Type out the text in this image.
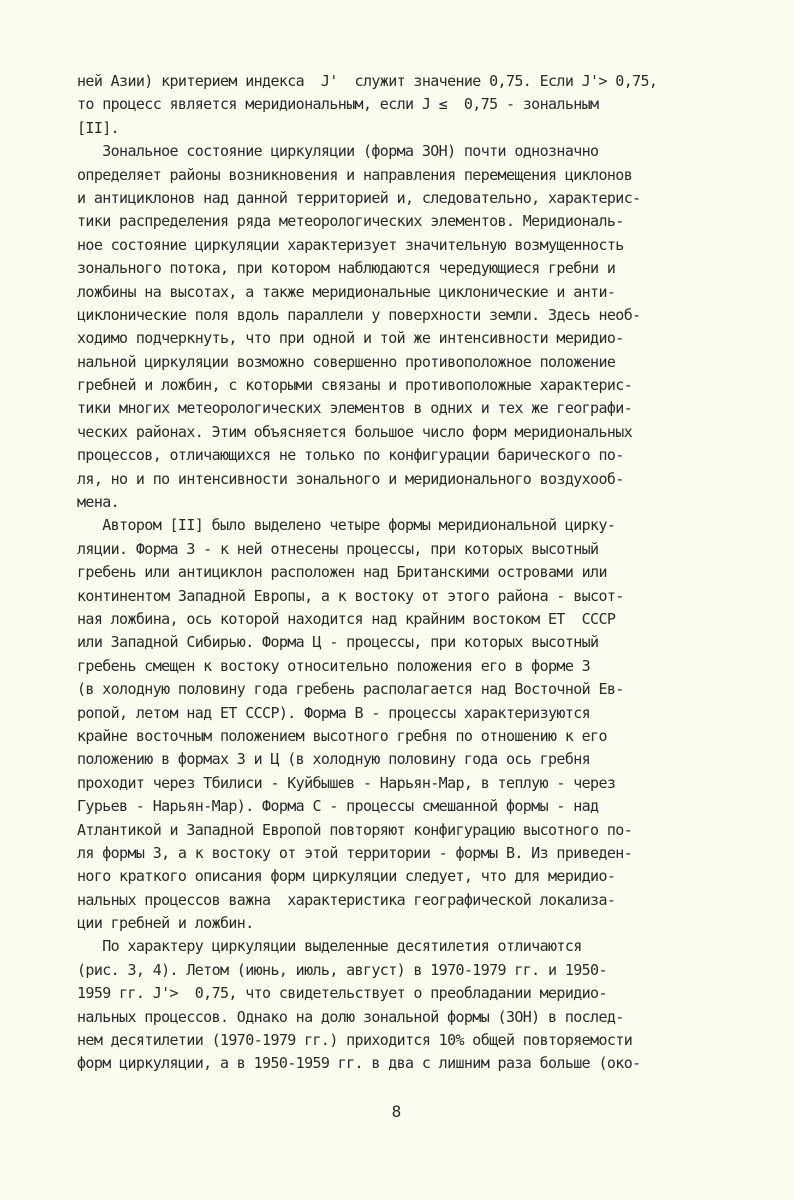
ней Азии) критерием индекса  J'  служит значение 0,75. Если J'> 0,75,
то процесс является меридиональным, если J ≤  0,75 - зональным
[II].
Зональное состояние циркуляции (форма ЗОН) почти однозначно
определяет районы возникновения и направления перемещения циклонов
и антициклонов над данной территорией и, следовательно, характерис-
тики распределения ряда метеорологических элементов. Меридиональ-
ное состояние циркуляции характеризует значительную возмущенность
зонального потока, при котором наблюдаются чередующиеся гребни и
ложбины на высотах, а также меридиональные циклонические и анти-
циклонические поля вдоль параллели у поверхности земли. Здесь необ-
ходимо подчеркнуть, что при одной и той же интенсивности меридио-
нальной циркуляции возможно совершенно противоположное положение
гребней и ложбин, с которыми связаны и противоположные характерис-
тики многих метеорологических элементов в одних и тех же географи-
ческих районах. Этим объясняется большое число форм меридиональных
процессов, отличающихся не только по конфигурации барического по-
ля, но и по интенсивности зонального и меридионального воздухооб-
мена.
Автором [II] было выделено четыре формы меридиональной цирку-
ляции. Форма З - к ней отнесены процессы, при которых высотный
гребень или антициклон расположен над Британскими островами или
континентом Западной Европы, а к востоку от этого района - высот-
ная ложбина, ось которой находится над крайним востоком ЕТ  СССР
или Западной Сибирью. Форма Ц - процессы, при которых высотный
гребень смещен к востоку относительно положения его в форме З
(в холодную половину года гребень располагается над Восточной Ев-
ропой, летом над ЕТ СССР). Форма В - процессы характеризуются
крайне восточным положением высотного гребня по отношению к его
положению в формах З и Ц (в холодную половину года ось гребня
проходит через Тбилиси - Куйбышев - Нарьян-Мар, в теплую - через
Гурьев - Нарьян-Мар). Форма С - процессы смешанной формы - над
Атлантикой и Западной Европой повторяют конфигурацию высотного по-
ля формы З, а к востоку от этой территории - формы В. Из приведен-
ного краткого описания форм циркуляции следует, что для меридио-
нальных процессов важна  характеристика географической локализа-
ции гребней и ложбин.
По характеру циркуляции выделенные десятилетия отличаются
(рис. 3, 4). Летом (июнь, июль, август) в 1970-1979 гг. и 1950-
1959 гг. J'>  0,75, что свидетельствует о преобладании меридио-
нальных процессов. Однако на долю зональной формы (ЗОН) в послед-
нем десятилетии (1970-1979 гг.) приходится 10% общей повторяемости
форм циркуляции, а в 1950-1959 гг. в два с лишним раза больше (око-
8
